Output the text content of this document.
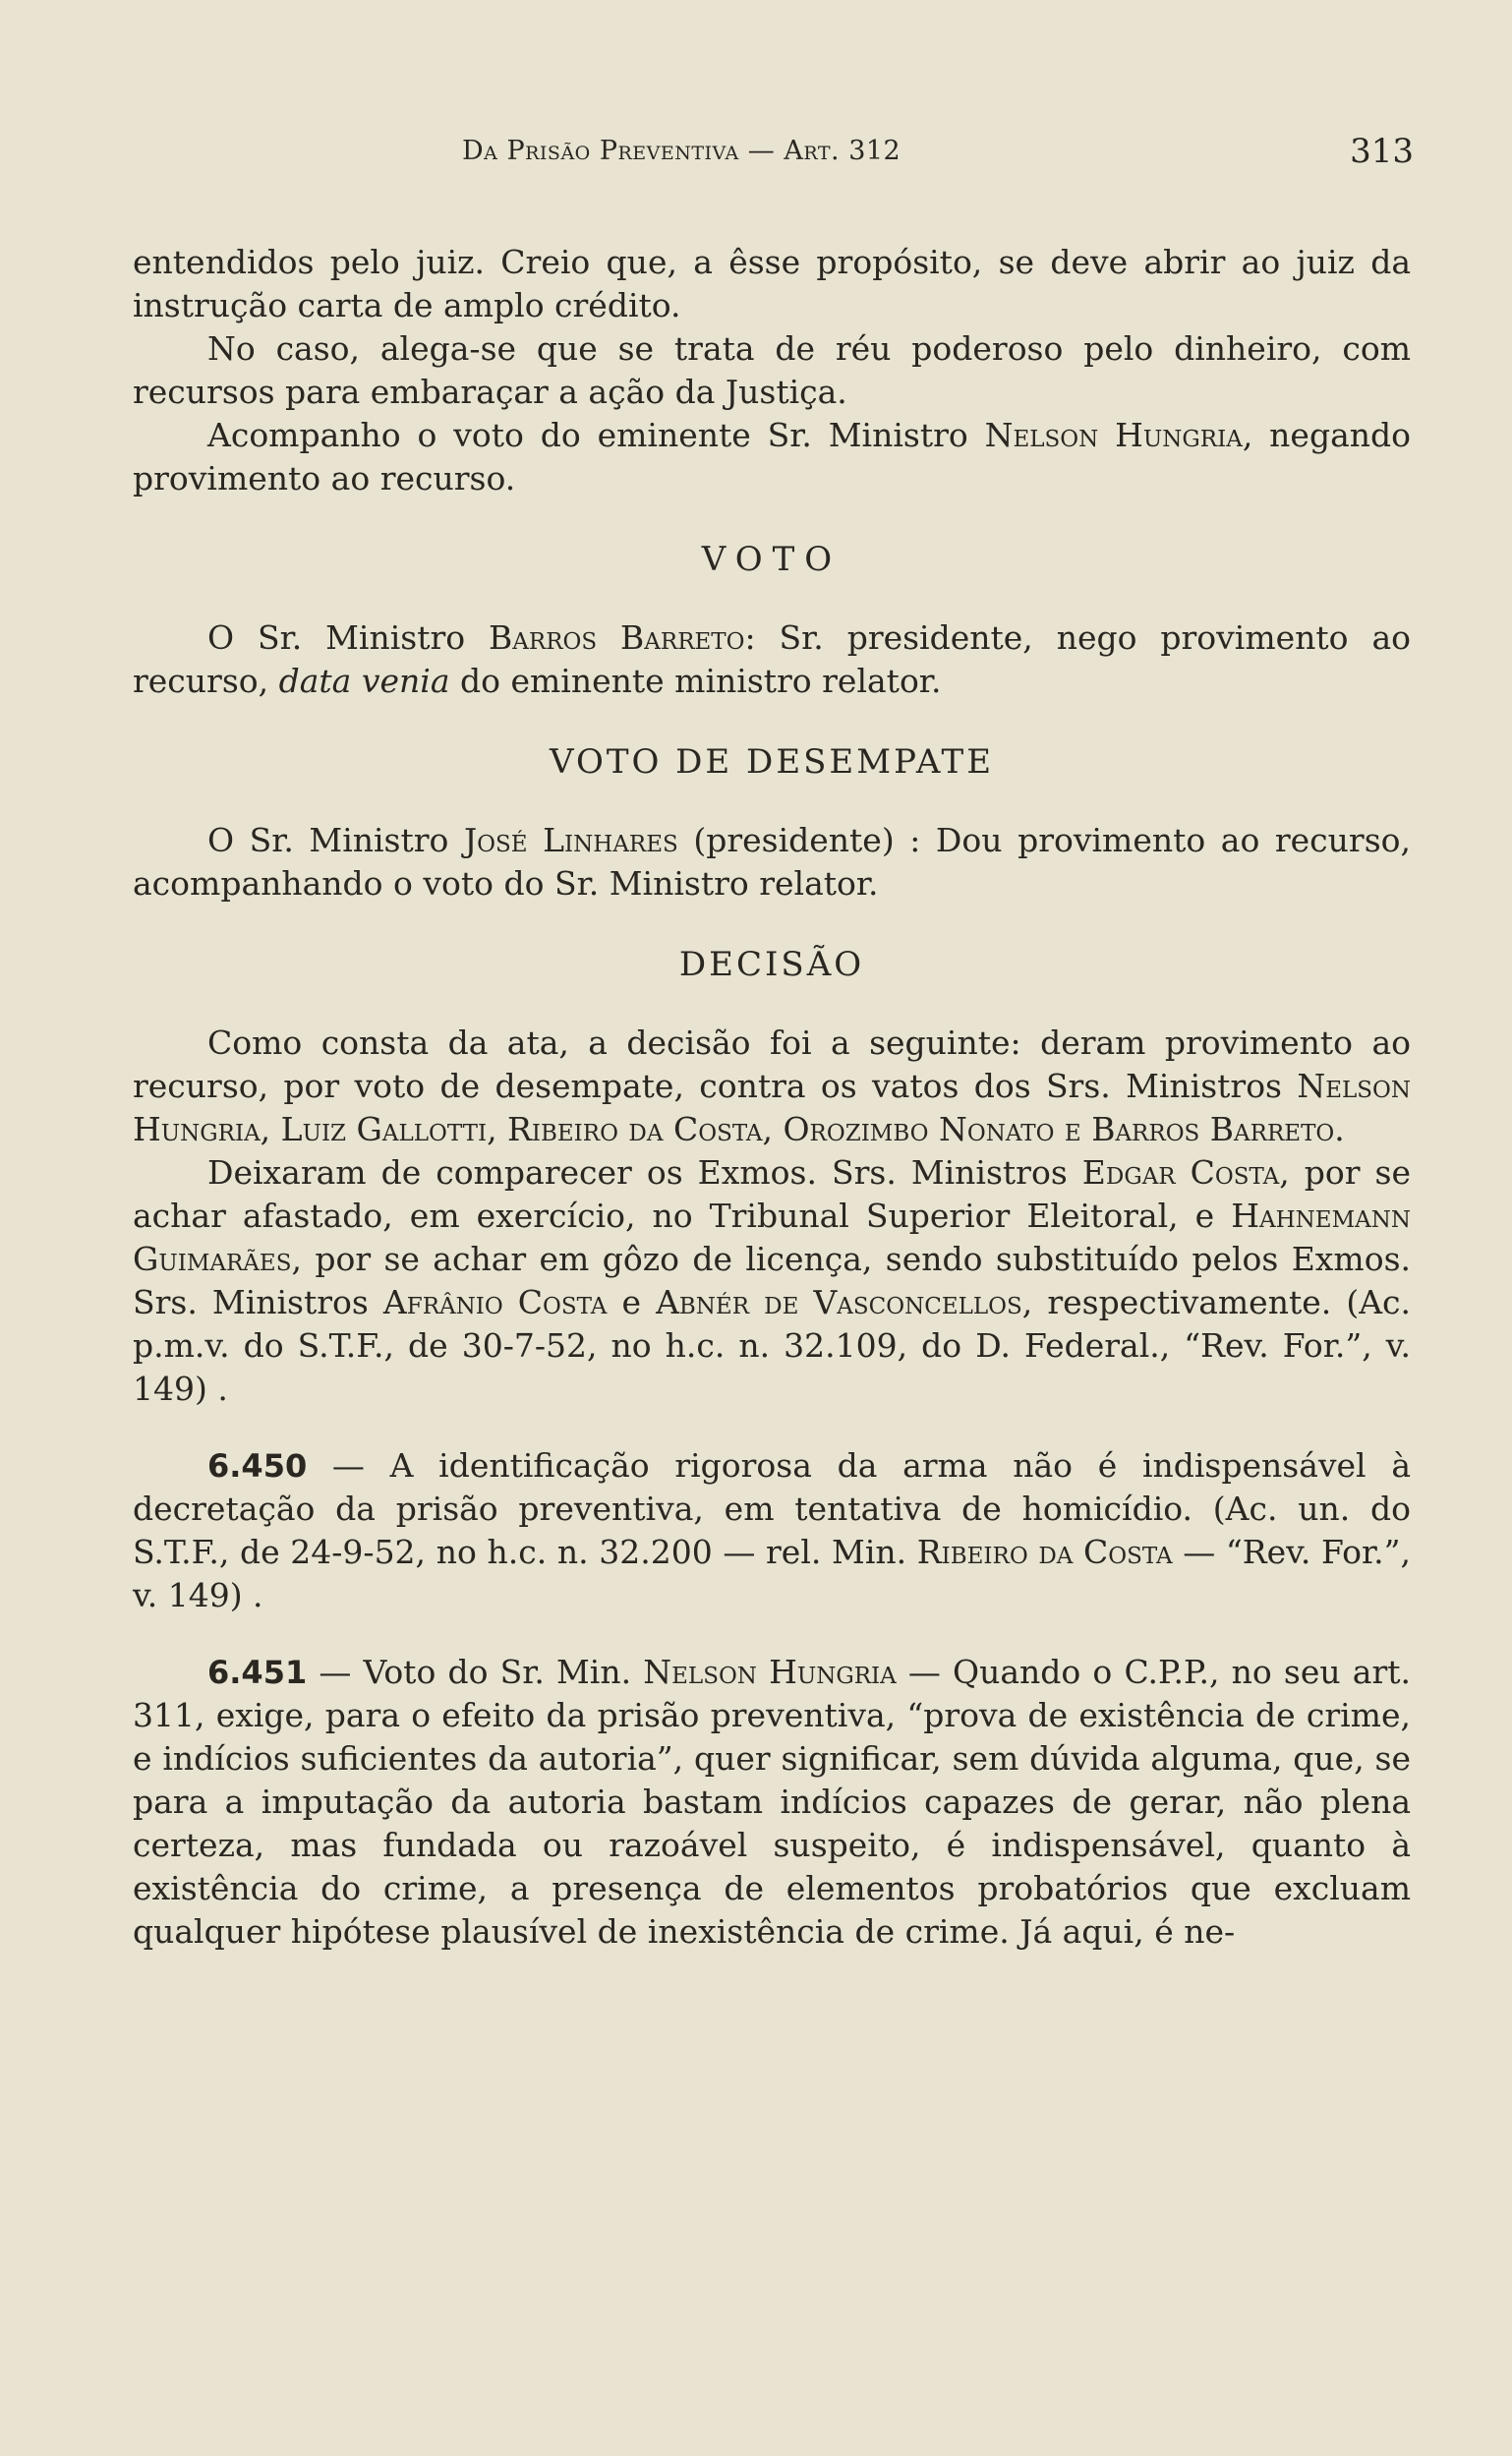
Da Prisão Preventiva — Art. 312	313

entendidos pelo juiz. Creio que, a êsse propósito, se deve abrir ao juiz da instrução carta de amplo crédito.

No caso, alega-se que se trata de réu poderoso pelo dinheiro, com recursos para embaraçar a ação da Justiça.

Acompanho o voto do eminente Sr. Ministro Nelson Hungria, negando provimento ao recurso.

VOTO

O Sr. Ministro Barros Barreto: Sr. presidente, nego provimento ao recurso, data venia do eminente ministro relator.

VOTO DE DESEMPATE

O Sr. Ministro José Linhares (presidente) : Dou provimento ao recurso, acompanhando o voto do Sr. Ministro relator.

DECISÃO

Como consta da ata, a decisão foi a seguinte: deram provimento ao recurso, por voto de desempate, contra os vatos dos Srs. Ministros Nelson Hungria, Luiz Gallotti, Ribeiro da Costa, Orozimbo Nonato e Barros Barreto.

Deixaram de comparecer os Exmos. Srs. Ministros Edgar Costa, por se achar afastado, em exercício, no Tribunal Superior Eleitoral, e Hahnemann Guimarães, por se achar em gôzo de licença, sendo substituído pelos Exmos. Srs. Ministros Afrânio Costa e Abnér de Vasconcellos, respectivamente. (Ac. p.m.v. do S.T.F., de 30-7-52, no h.c. n. 32.109, do D. Federal., “Rev. For.”, v. 149) .

6.450 — A identificação rigorosa da arma não é indispensável à decretação da prisão preventiva, em tentativa de homicídio. (Ac. un. do S.T.F., de 24-9-52, no h.c. n. 32.200 — rel. Min. Ribeiro da Costa — “Rev. For.”, v. 149) .

6.451 — Voto do Sr. Min. Nelson Hungria — Quando o C.P.P., no seu art. 311, exige, para o efeito da prisão preventiva, “prova de existência de crime, e indícios suficientes da autoria”, quer significar, sem dúvida alguma, que, se para a imputação da autoria bastam indícios capazes de gerar, não plena certeza, mas fundada ou razoável suspeito, é indispensável, quanto à existência do crime, a presença de elementos probatórios que excluam qualquer hipótese plausível de inexistência de crime. Já aqui, é ne-
